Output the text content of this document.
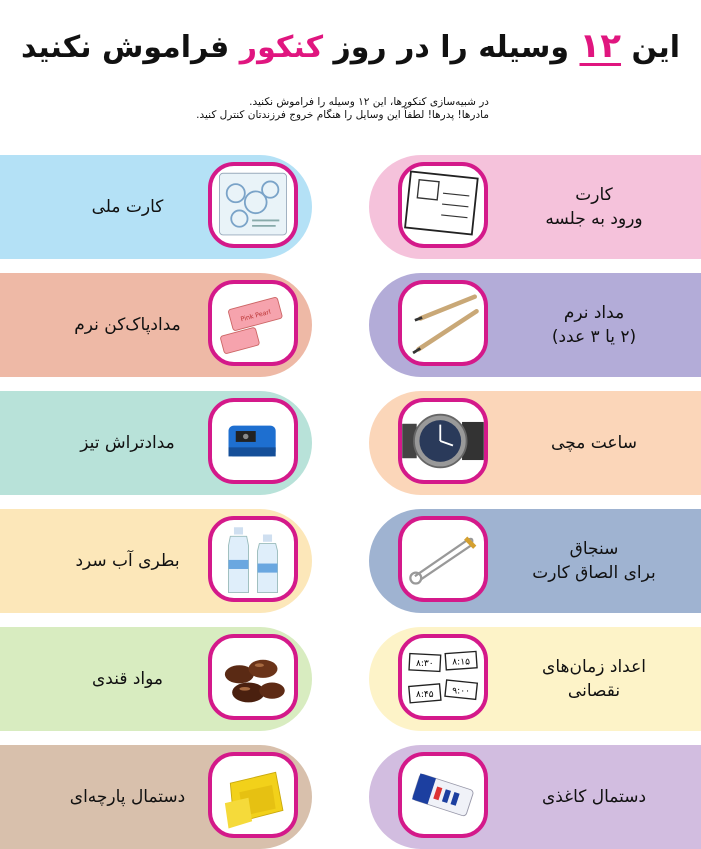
این ۱۲ وسیله را در روز کنکور فراموش نکنید
در شبیه‌سازی کنکورها، این ۱۲ وسیله را فراموش نکنید.
مادرها! پدرها! لطفاً این وسایل را هنگام خروج فرزندتان کنترل کنید.
کارت
ورود به جلسه
کارت ملی
مداد نرم
(۲ یا ۳ عدد)
مدادپاک‌کن نرم	Pink Pearl
ساعت مچی
مدادتراش تیز
سنجاق
برای الصاق کارت
بطری آب سرد
اعداد زمان‌های
نقصانی
۸:۱۵
۸:۳۰
۹:۰۰
۸:۴۵
مواد قندی
دستمال کاغذی
دستمال پارچه‌ای
